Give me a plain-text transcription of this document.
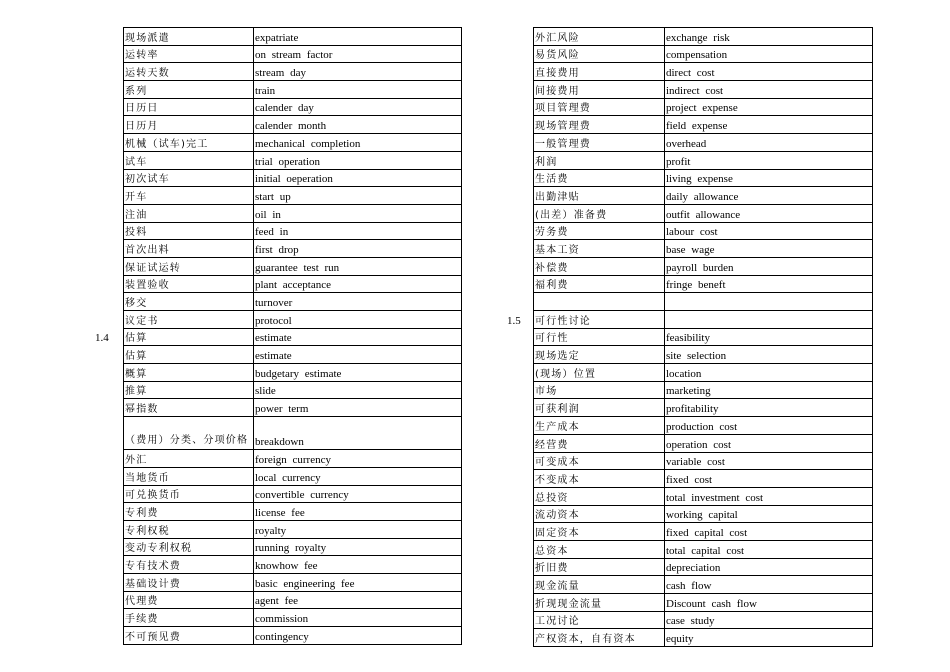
1.4
1.5
现场派遣	expatriate
运转率	on stream factor
运转天数	stream day
系列	train
日历日	calender day
日历月	calender month
机械（试车)完工	mechanical completion
试车	trial operation
初次试车	initial oeperation
开车	start up
注油	oil in
投料	feed in
首次出料	first drop
保证试运转	guarantee test run
装置验收	plant acceptance
移交	turnover
议定书	protocol
估算	estimate
估算	estimate
概算	budgetary estimate
推算	slide
幂指数	power term
（费用）分类、分项价格	breakdown
外汇	foreign currency
当地货币	local currency
可兑换货币	convertible currency
专利费	license fee
专利权税	royalty
变动专利权税	running royalty
专有技术费	knowhow fee
基础设计费	basic engineering fee
代理费	agent fee
手续费	commission
不可预见费	contingency
外汇风险	exchange risk
易货风险	compensation
直接费用	direct cost
间接费用	indirect cost
项目管理费	project expense
现场管理费	field expense
一般管理费	overhead
利润	profit
生活费	living expense
出勤津贴	daily allowance
(出差）准备费	outfit allowance
劳务费	labour cost
基本工资	base wage
补偿费	payroll burden
福利费	fringe beneft

可行性讨论	
可行性	feasibility
现场选定	site selection
(现场）位置	location
市场	marketing
可获利润	profitability
生产成本	production cost
经营费	operation cost
可变成本	variable cost
不变成本	fixed cost
总投资	total investment cost
流动资本	working capital
固定资本	fixed capital cost
总资本	total capital cost
折旧费	depreciation
现金流量	cash flow
折现现金流量	Discount cash flow
工况讨论	case study
产权资本，自有资本	equity
